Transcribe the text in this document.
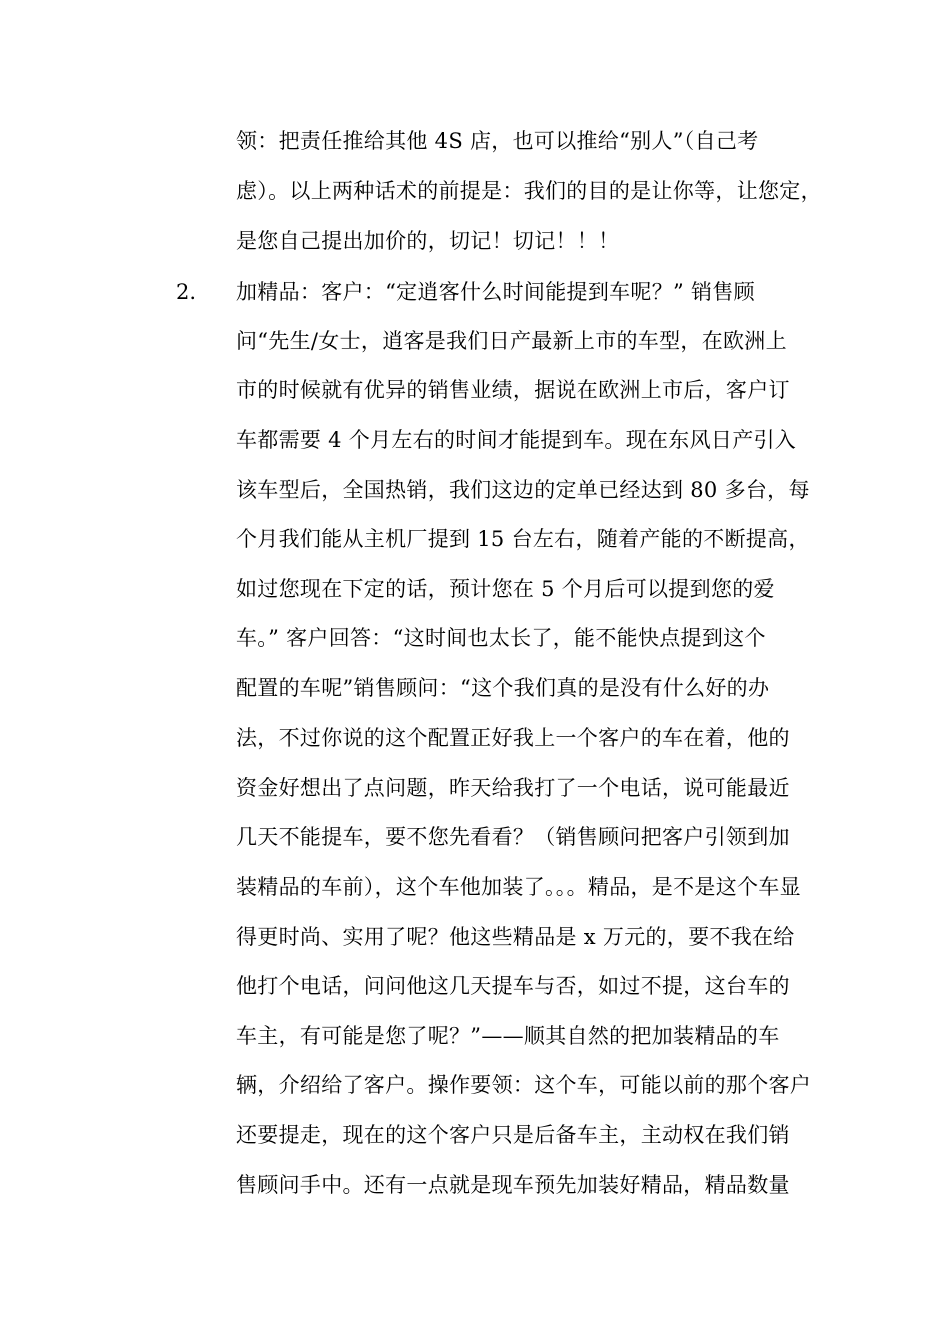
领：把责任推给其他 4S 店，也可以推给“别人”（自己考
虑）。以上两种话术的前提是：我们的目的是让你等，让您定，
是您自己提出加价的，切记！切记！！！
2. 加精品：客户：“定逍客什么时间能提到车呢？” 销售顾
问“先生/女士，逍客是我们日产最新上市的车型，在欧洲上
市的时候就有优异的销售业绩，据说在欧洲上市后，客户订
车都需要 4 个月左右的时间才能提到车。现在东风日产引入
该车型后，全国热销，我们这边的定单已经达到 80 多台，每
个月我们能从主机厂提到 15 台左右，随着产能的不断提高，
如过您现在下定的话，预计您在 5 个月后可以提到您的爱
车。” 客户回答：“这时间也太长了，能不能快点提到这个
配置的车呢”销售顾问：“这个我们真的是没有什么好的办
法，不过你说的这个配置正好我上一个客户的车在着，他的
资金好想出了点问题，昨天给我打了一个电话，说可能最近
几天不能提车，要不您先看看？（销售顾问把客户引领到加
装精品的车前），这个车他加装了。。。精品，是不是这个车显
得更时尚、实用了呢？他这些精品是 x 万元的，要不我在给
他打个电话，问问他这几天提车与否，如过不提，这台车的
车主，有可能是您了呢？”——顺其自然的把加装精品的车
辆，介绍给了客户。操作要领：这个车，可能以前的那个客户
还要提走，现在的这个客户只是后备车主，主动权在我们销
售顾问手中。还有一点就是现车预先加装好精品，精品数量
